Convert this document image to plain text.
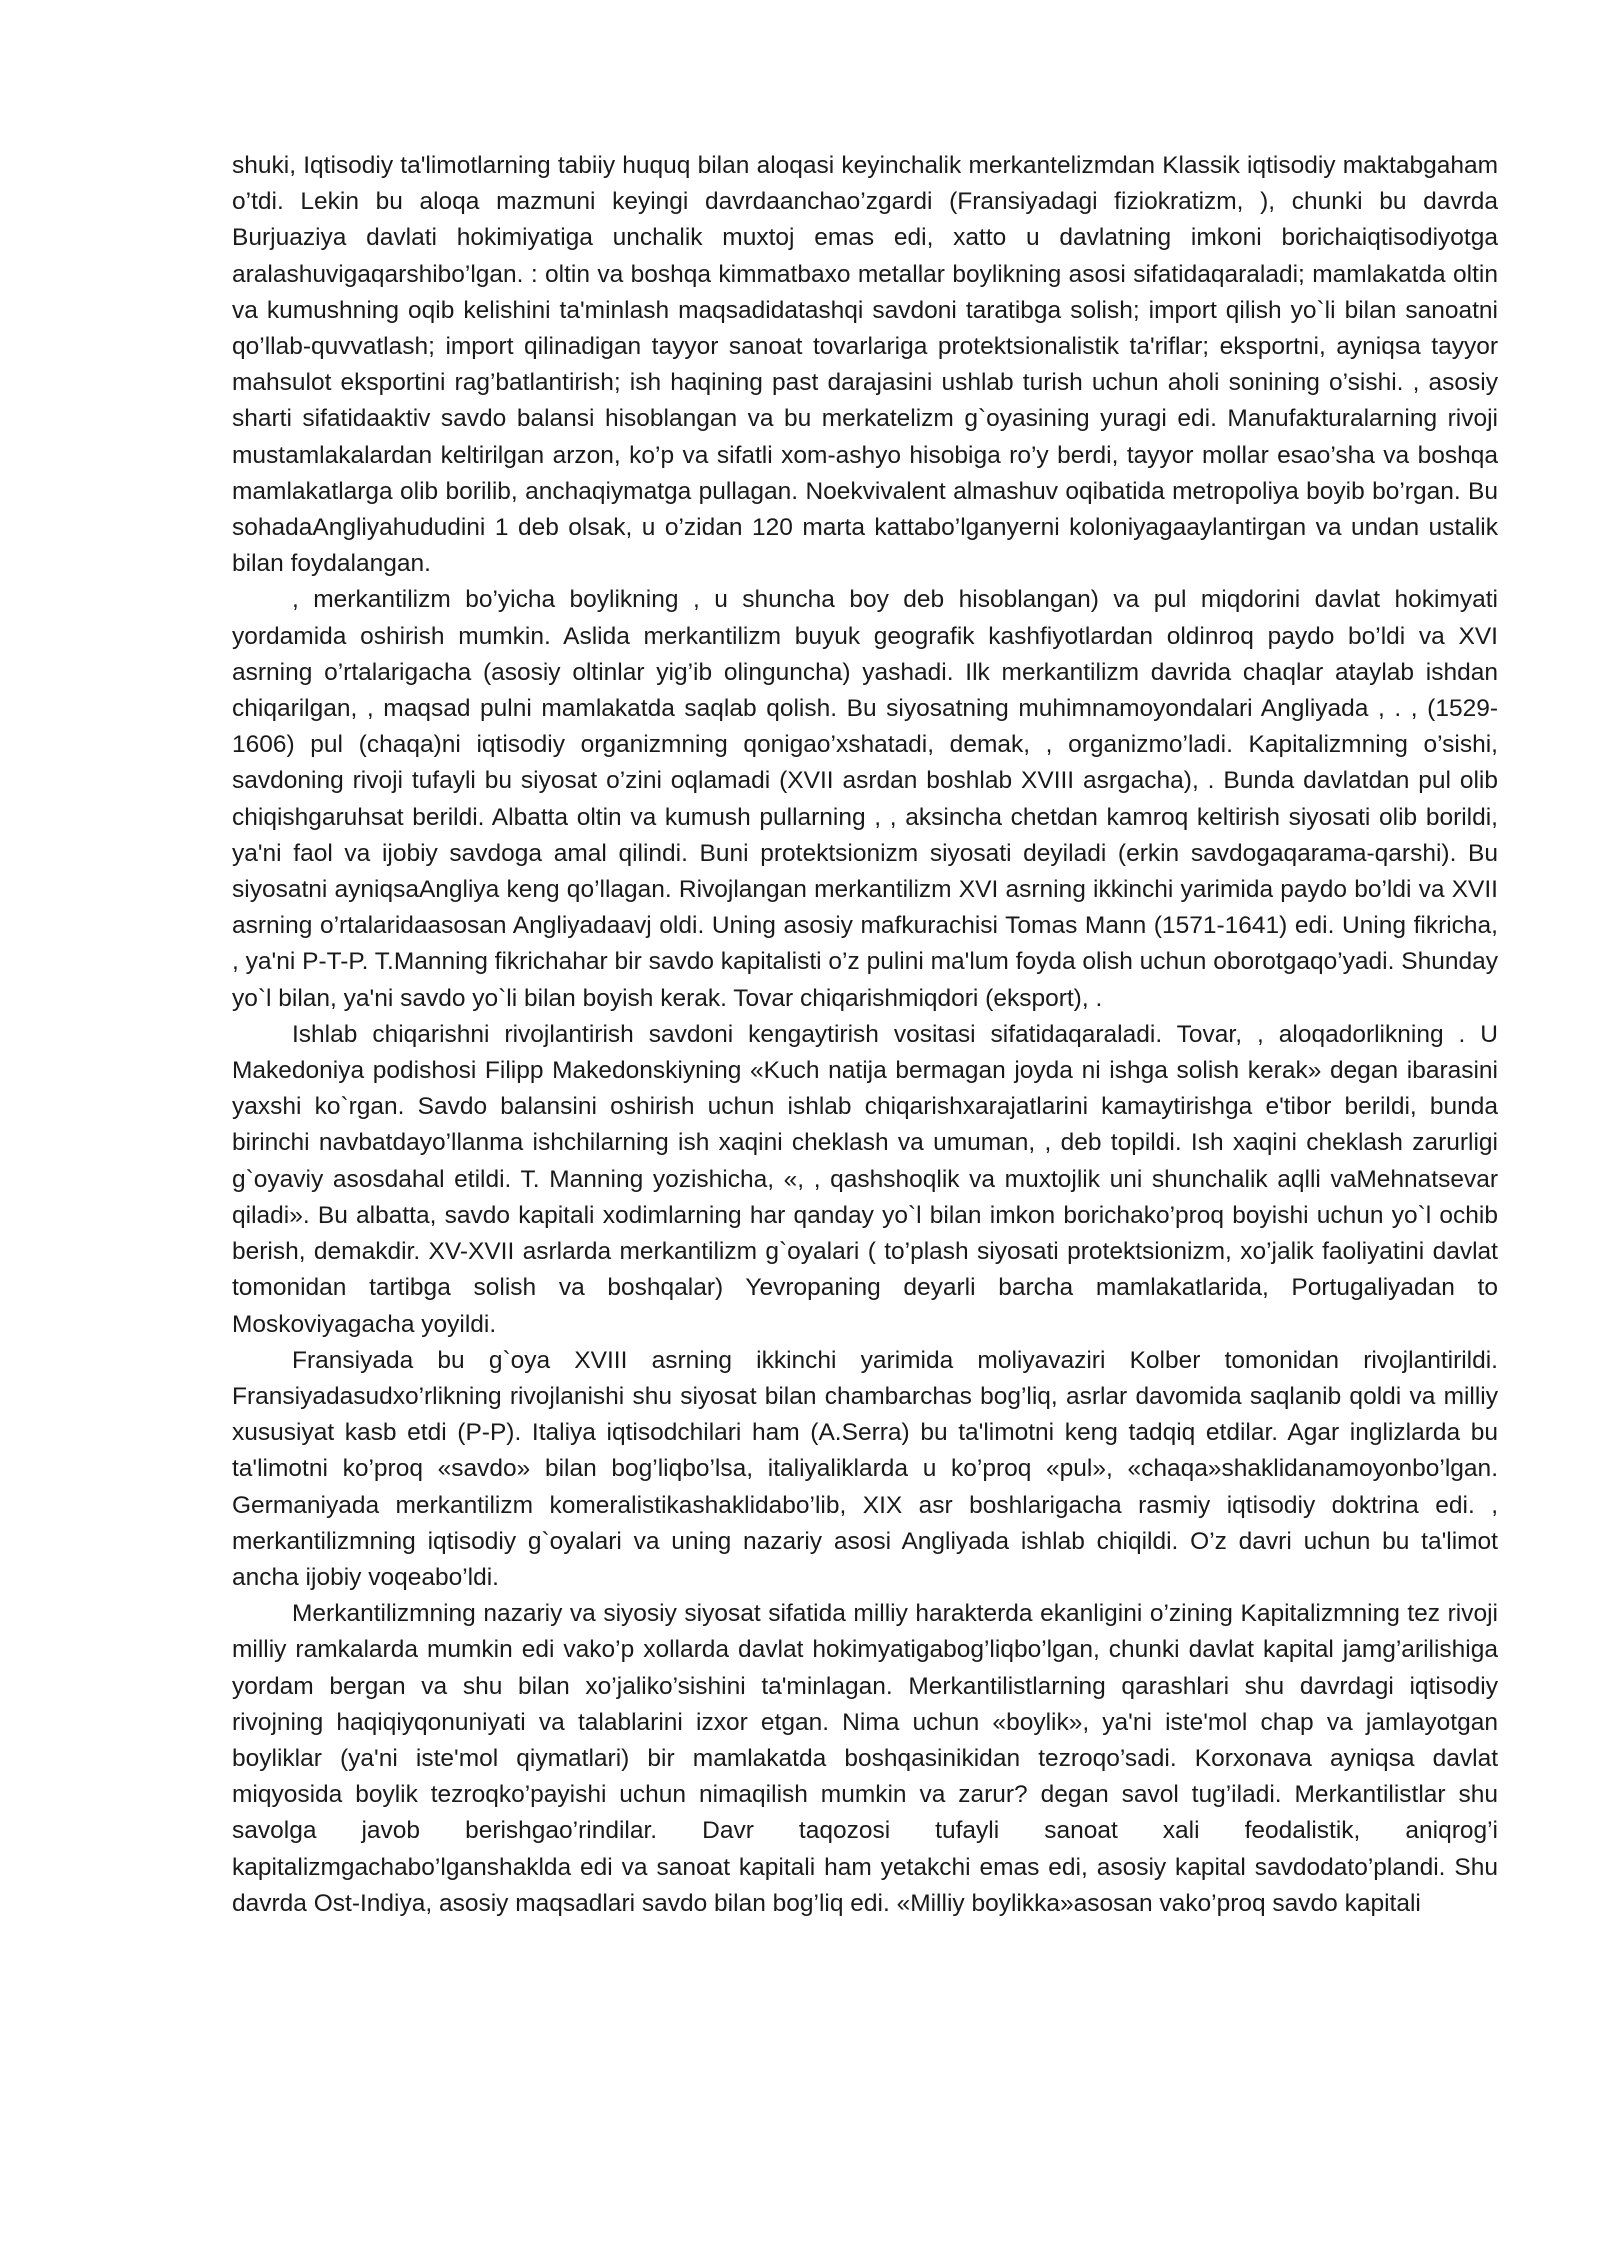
shuki, Iqtisodiy ta'limotlarning tabiiy huquq bilan aloqasi keyinchalik merkantelizmdan Klassik iqtisodiy maktabgaham o’tdi. Lekin bu aloqa mazmuni keyingi davrdaanchao’zgardi (Fransiyadagi fiziokratizm, ), chunki bu davrda Burjuaziya davlati hokimiyatiga unchalik muxtoj emas edi, xatto u davlatning imkoni borichaiqtisodiyotga aralashuvigaqarshibo’lgan. : oltin va boshqa kimmatbaxo metallar boylikning asosi sifatidaqaraladi; mamlakatda oltin va kumushning oqib kelishini ta'minlash maqsadidatashqi savdoni taratibga solish; import qilish yo`li bilan sanoatni qo’llab-quvvatlash; import qilinadigan tayyor sanoat tovarlariga protektsionalistik ta'riflar; eksportni, ayniqsa tayyor mahsulot eksportini rag’batlantirish; ish haqining past darajasini ushlab turish uchun aholi sonining o’sishi. , asosiy sharti sifatidaaktiv savdo balansi hisoblangan va bu merkatelizm g`oyasining yuragi edi. Manufakturalarning rivoji mustamlakalardan keltirilgan arzon, ko’p va sifatli xom-ashyo hisobiga ro’y berdi, tayyor mollar esao’sha va boshqa mamlakatlarga olib borilib, anchaqiymatga pullagan. Noekvivalent almashuv oqibatida metropoliya boyib bo’rgan. Bu sohadaAngliyahududini 1 deb olsak, u o’zidan 120 marta kattabo’lganyerni koloniyagaaylantirgan va undan ustalik bilan foydalangan.

, merkantilizm bo’yicha boylikning , u shuncha boy deb hisoblangan) va pul miqdorini davlat hokimyati yordamida oshirish mumkin. Aslida merkantilizm buyuk geografik kashfiyotlardan oldinroq paydo bo’ldi va XVI asrning o’rtalarigacha (asosiy oltinlar yig’ib olinguncha) yashadi. Ilk merkantilizm davrida chaqlar ataylab ishdan chiqarilgan, , maqsad pulni mamlakatda saqlab qolish. Bu siyosatning muhimnamoyondalari Angliyada , . , (1529-1606) pul (chaqa)ni iqtisodiy organizmning qonigao’xshatadi, demak, , organizmo’ladi. Kapitalizmning o’sishi, savdoning rivoji tufayli bu siyosat o’zini oqlamadi (XVII asrdan boshlab XVIII asrgacha), . Bunda davlatdan pul olib chiqishgaruhsat berildi. Albatta oltin va kumush pullarning , , aksincha chetdan kamroq keltirish siyosati olib borildi, ya'ni faol va ijobiy savdoga amal qilindi. Buni protektsionizm siyosati deyiladi (erkin savdogaqarama-qarshi). Bu siyosatni ayniqsaAngliya keng qo’llagan. Rivojlangan merkantilizm XVI asrning ikkinchi yarimida paydo bo’ldi va XVII asrning o’rtalaridaasosan Angliyadaavj oldi. Uning asosiy mafkurachisi Tomas Mann (1571-1641) edi. Uning fikricha, , ya'ni P-T-P. T.Manning fikrichahar bir savdo kapitalisti o’z pulini ma'lum foyda olish uchun oborotgaqo’yadi. Shunday yo`l bilan, ya'ni savdo yo`li bilan boyish kerak. Tovar chiqarishmiqdori (eksport), .

Ishlab chiqarishni rivojlantirish savdoni kengaytirish vositasi sifatidaqaraladi. Tovar, , aloqadorlikning . U Makedoniya podishosi Filipp Makedonskiyning «Kuch natija bermagan joyda ni ishga solish kerak» degan ibarasini yaxshi ko`rgan. Savdo balansini oshirish uchun ishlab chiqarishxarajatlarini kamaytirishga e'tibor berildi, bunda birinchi navbatdayo’llanma ishchilarning ish xaqini cheklash va umuman, , deb topildi. Ish xaqini cheklash zarurligi g`oyaviy asosdahal etildi. T. Manning yozishicha, «, , qashshoqlik va muxtojlik uni shunchalik aqlli vaMehnatsevar qiladi». Bu albatta, savdo kapitali xodimlarning har qanday yo`l bilan imkon borichako’proq boyishi uchun yo`l ochib berish, demakdir. XV-XVII asrlarda merkantilizm g`oyalari ( to’plash siyosati protektsionizm, xo’jalik faoliyatini davlat tomonidan tartibga solish va boshqalar) Yevropaning deyarli barcha mamlakatlarida, Portugaliyadan to Moskoviyagacha yoyildi.

Fransiyada bu g`oya XVIII asrning ikkinchi yarimida moliyavaziri Kolber tomonidan rivojlantirildi. Fransiyadasudxo’rlikning rivojlanishi shu siyosat bilan chambarchas bog’liq, asrlar davomida saqlanib qoldi va milliy xususiyat kasb etdi (P-P). Italiya iqtisodchilari ham (A.Serra) bu ta'limotni keng tadqiq etdilar. Agar inglizlarda bu ta'limotni ko’proq «savdo» bilan bog’liqbo’lsa, italiyaliklarda u ko’proq «pul», «chaqa»shaklidanamoyonbo’lgan. Germaniyada merkantilizm komeralistikashaklidabo’lib, XIX asr boshlarigacha rasmiy iqtisodiy doktrina edi. , merkantilizmning iqtisodiy g`oyalari va uning nazariy asosi Angliyada ishlab chiqildi. O’z davri uchun bu ta'limot ancha ijobiy voqeabo’ldi.

Merkantilizmning nazariy va siyosiy siyosat sifatida milliy harakterda ekanligini o’zining Kapitalizmning tez rivoji milliy ramkalarda mumkin edi vako’p xollarda davlat hokimyatigabog’liqbo’lgan, chunki davlat kapital jamg’arilishiga yordam bergan va shu bilan xo’jaliko’sishini ta'minlagan. Merkantilistlarning qarashlari shu davrdagi iqtisodiy rivojning haqiqiyqonuniyati va talablarini izxor etgan. Nima uchun «boylik», ya'ni iste'mol chap va jamlayotgan boyliklar (ya'ni iste'mol qiymatlari) bir mamlakatda boshqasinikidan tezroqo’sadi. Korxonava ayniqsa davlat miqyosida boylik tezroqko’payishi uchun nimaqilish mumkin va zarur? degan savol tug’iladi. Merkantilistlar shu savolga javob berishgao’rindilar. Davr taqozosi tufayli sanoat xali feodalistik, aniqrog’i kapitalizmgachabo’lganshaklda edi va sanoat kapitali ham yetakchi emas edi, asosiy kapital savdodato’plandi. Shu davrda Ost-Indiya, asosiy maqsadlari savdo bilan bog’liq edi. «Milliy boylikka»asosan vako’proq savdo kapitali
